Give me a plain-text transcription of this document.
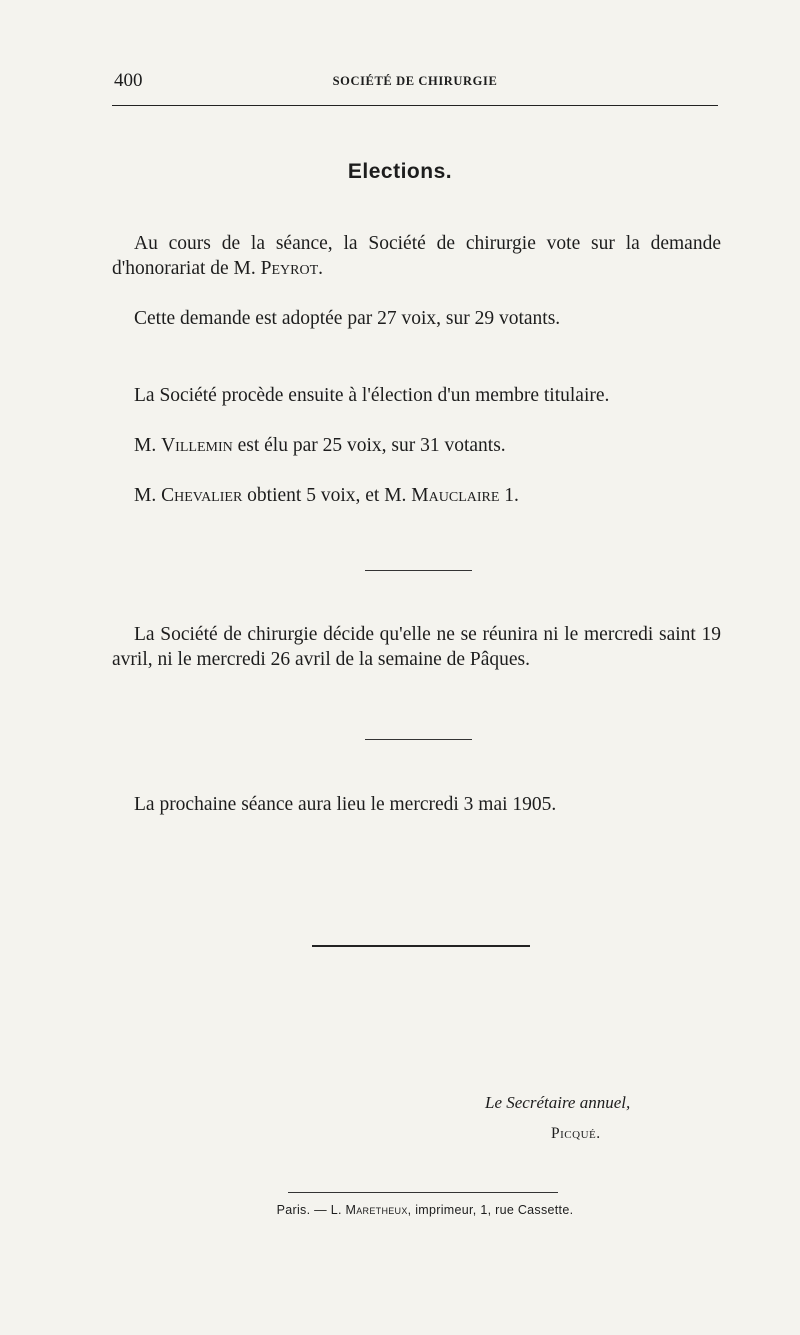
400	SOCIÉTÉ DE CHIRURGIE
Elections.

Au cours de la séance, la Société de chirurgie vote sur la demande d'honorariat de M. Peyrot.

Cette demande est adoptée par 27 voix, sur 29 votants.

La Société procède ensuite à l'élection d'un membre titulaire.

M. Villemin est élu par 25 voix, sur 31 votants.

M. Chevalier obtient 5 voix, et M. Mauclaire 1.

La Société de chirurgie décide qu'elle ne se réunira ni le mercredi saint 19 avril, ni le mercredi 26 avril de la semaine de Pâques.

La prochaine séance aura lieu le mercredi 3 mai 1905.

Le Secrétaire annuel,
Picqué.
Paris. — L. Maretheux, imprimeur, 1, rue Cassette.
